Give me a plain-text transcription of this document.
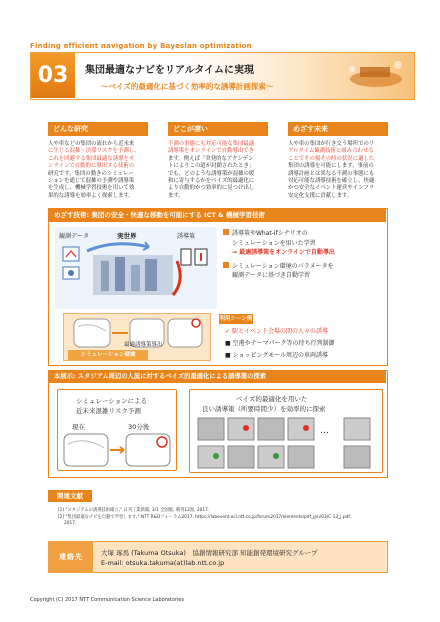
Finding efficient navigation by Bayesian optimization
03	集団最適なナビをリアルタイムに実現
～ベイズ的最適化に基づく効率的な誘導計画探索～
どんな研究	どこが凄い	めざす未来
人や車などの集団の流れから近未来
に生じる混雑・渋滞リスクを予測し、
これを回避する集団最適な誘導をオ
ンラインで自動的に導出する技術の
研究です。集団の動きのシミュレー
ションを通じて混雑の予測や誘導策
を生成し、機械学習技術を用いて効
果的な誘導を効率よく探索します。
不測の事態にも対応可能な集団最適
誘導策をオンラインで自動導出でき
ます。例えば「突発的なアクシデン
トによりこの道が封鎖されたとき」
でも、どのような誘導策が混雑の緩
和に寄与するかをベイズ的最適化に
より自動的かつ効率的に見つけ出し
ます。
人や車の集団が行き交う場所でのリ
アルタイム観測技術と組み合わせる
ことでその場その時の状況に適した
集団の誘導を可能にします。事前の
誘導計画とは異なる不測の事態にも
対応可能な誘導技術を確立し、快適
かつ安全なイベント運営やインフラ
安定化支援に貢献します。
めざす技術: 集団の安全・快適な移動を可能にする ICT & 機械学習技術
観測データ	実世界	誘導策
最適誘導策導出
シミュレーション環境
誘導策やWhat-ifシナリオの
シミュレーションを用いた学習
→ 最適誘導策をオンラインで自動導出
シミュレーション環境のパラメータを
観測データに基づき自動学習
利用シーン例
✓ 駅とイベント会場の間の人々の誘導
■ 空港やテーマパーク等の待ち行列制御
■ ショッピングモール周辺の車両誘導
本展示: スタジアム周辺の人流に対するベイズ的最適化による誘導策の探索
シミュレーションによる
近未来混雑リスク予測
現在	30分後
ベイズ的最適化を用いた
良い誘導策（所要時間少）を効率的に探索
…
関連文献
[1] "スタジアムの誘導技術確立," 日刊工業新聞, 3/1 全国版, 朝刊12面, 2017.
[2] "集団最適なナビを自動で学習します," NTT R&Dフォーラム2017. https://labevent.ecl.ntt.co.jp/forum2017/elements/pdf_jpn/03/C-13_j.pdf,
2017.
連絡先	大塚 琢馬 (Takuma Otsuka)　協創情報研究部 知能創発環境研究グループ
E-mail: otsuka.takuma(at)lab.ntt.co.jp
Copyright (C) 2017 NTT Communication Science Laboratories
